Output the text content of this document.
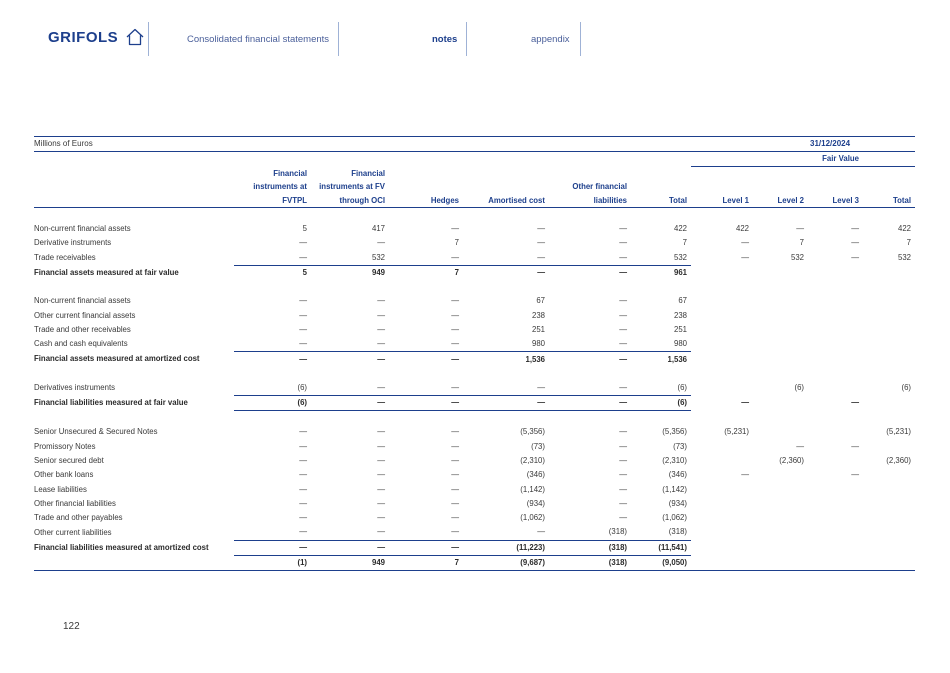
GRIFOLS	Consolidated financial statements	notes	appendix
Millions of Euros									31/12/2024	
							Fair Value			
	Financial	Financial								
	instruments at	instruments at FV			Other financial					
	FVTPL	through OCI	Hedges	Amortised cost	liabilities	Total	Level 1	Level 2	Level 3	Total

Non-current financial assets	5	417	—	—	—	422	422	—	—	422
Derivative instruments	—	—	7	—	—	7	—	7	—	7
Trade receivables	—	532	—	—	—	532	—	532	—	532
Financial assets measured at fair value	5	949	7	—	—	961				

Non-current financial assets	—	—	—	67	—	67				
Other current financial assets	—	—	—	238	—	238				
Trade and other receivables	—	—	—	251	—	251				
Cash and cash equivalents	—	—	—	980	—	980				
Financial assets measured at amortized cost	—	—	—	1,536	—	1,536				

Derivatives instruments	(6)	—	—	—	—	(6)		(6)		(6)
Financial liabilities measured at fair value	(6)	—	—	—	—	(6)	—		—	

Senior Unsecured & Secured Notes	—	—	—	(5,356)	—	(5,356)	(5,231)			(5,231)
Promissory Notes	—	—	—	(73)	—	(73)		—	—	
Senior secured debt	—	—	—	(2,310)	—	(2,310)		(2,360)		(2,360)
Other bank loans	—	—	—	(346)	—	(346)	—		—	
Lease liabilities	—	—	—	(1,142)	—	(1,142)				
Other financial liabilities	—	—	—	(934)	—	(934)				
Trade and other payables	—	—	—	(1,062)	—	(1,062)				
Other current liabilities	—	—	—	—	(318)	(318)				
Financial liabilities measured at amortized cost	—	—	—	(11,223)	(318)	(11,541)				
	(1)	949	7	(9,687)	(318)	(9,050)				
122
